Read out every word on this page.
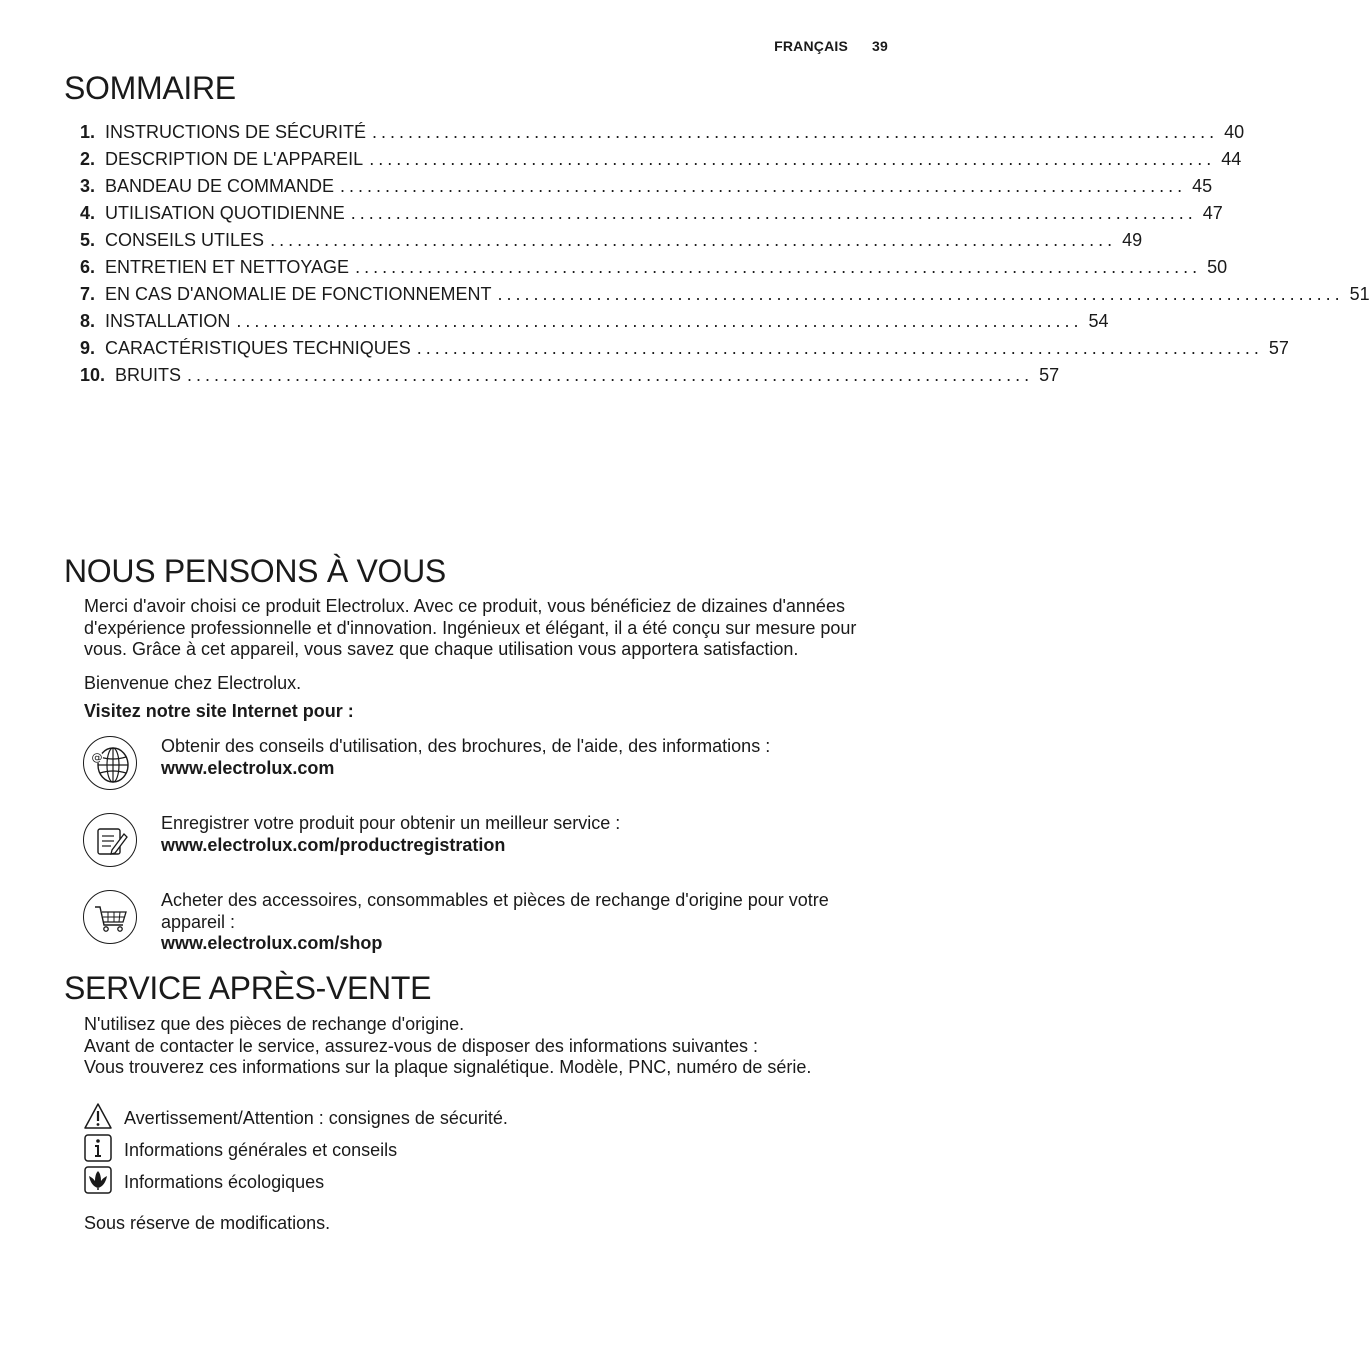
FRANÇAIS 39
SOMMAIRE
1. INSTRUCTIONS DE SÉCURITÉ .............................................................................................. 40
2. DESCRIPTION DE L'APPAREIL .............................................................................................. 44
3. BANDEAU DE COMMANDE .............................................................................................. 45
4. UTILISATION QUOTIDIENNE .............................................................................................. 47
5. CONSEILS UTILES .............................................................................................. 49
6. ENTRETIEN ET NETTOYAGE .............................................................................................. 50
7. EN CAS D'ANOMALIE DE FONCTIONNEMENT .............................................................................................. 51
8. INSTALLATION .............................................................................................. 54
9. CARACTÉRISTIQUES TECHNIQUES .............................................................................................. 57
10. BRUITS .............................................................................................. 57
NOUS PENSONS À VOUS

Merci d'avoir choisi ce produit Electrolux. Avec ce produit, vous bénéficiez de dizaines d'années d'expérience professionnelle et d'innovation. Ingénieux et élégant, il a été conçu sur mesure pour vous. Grâce à cet appareil, vous savez que chaque utilisation vous apportera satisfaction.

Bienvenue chez Electrolux.

Visitez notre site Internet pour :

@
Obtenir des conseils d'utilisation, des brochures, de l'aide, des informations :
www.electrolux.com
Enregistrer votre produit pour obtenir un meilleur service :
www.electrolux.com/productregistration
Acheter des accessoires, consommables et pièces de rechange d'origine pour votre appareil :
www.electrolux.com/shop
SERVICE APRÈS-VENTE

N'utilisez que des pièces de rechange d'origine.

Avant de contacter le service, assurez-vous de disposer des informations suivantes :

Vous trouverez ces informations sur la plaque signalétique. Modèle, PNC, numéro de série.

Avertissement/Attention : consignes de sécurité.
Informations générales et conseils
Informations écologiques

Sous réserve de modifications.
